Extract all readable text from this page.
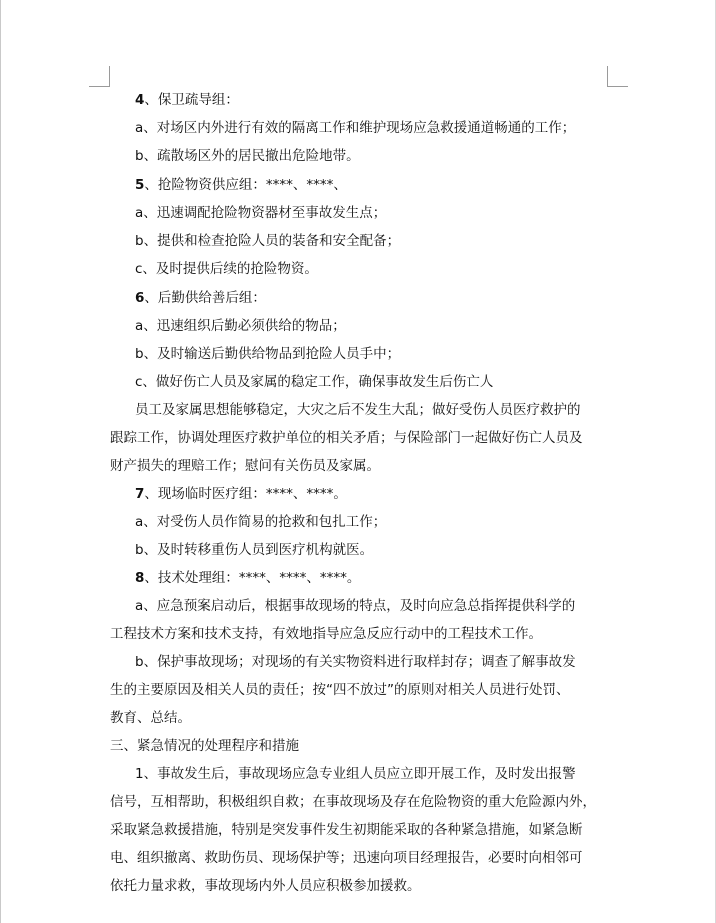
4、保卫疏导组：
a、对场区内外进行有效的隔离工作和维护现场应急救援通道畅通的工作；
b、疏散场区外的居民撤出危险地带。
5、抢险物资供应组：****、****、
a、迅速调配抢险物资器材至事故发生点；
b、提供和检查抢险人员的装备和安全配备；
c、及时提供后续的抢险物资。
6、后勤供给善后组：
a、迅速组织后勤必须供给的物品；
b、及时输送后勤供给物品到抢险人员手中；
c、做好伤亡人员及家属的稳定工作，确保事故发生后伤亡人
员工及家属思想能够稳定，大灾之后不发生大乱；做好受伤人员医疗救护的
跟踪工作，协调处理医疗救护单位的相关矛盾；与保险部门一起做好伤亡人员及
财产损失的理赔工作；慰问有关伤员及家属。
7、现场临时医疗组：****、****。
a、对受伤人员作简易的抢救和包扎工作；
b、及时转移重伤人员到医疗机构就医。
8、技术处理组：****、****、****。
a、应急预案启动后，根据事故现场的特点，及时向应急总指挥提供科学的
工程技术方案和技术支持，有效地指导应急反应行动中的工程技术工作。
b、保护事故现场；对现场的有关实物资料进行取样封存；调查了解事故发
生的主要原因及相关人员的责任；按“四不放过”的原则对相关人员进行处罚、
教育、总结。
三、紧急情况的处理程序和措施
1、事故发生后，事故现场应急专业组人员应立即开展工作，及时发出报警
信号，互相帮助，积极组织自救；在事故现场及存在危险物资的重大危险源内外，
采取紧急救援措施，特别是突发事件发生初期能采取的各种紧急措施，如紧急断
电、组织撤离、救助伤员、现场保护等；迅速向项目经理报告，必要时向相邻可
依托力量求救，事故现场内外人员应积极参加援救。
